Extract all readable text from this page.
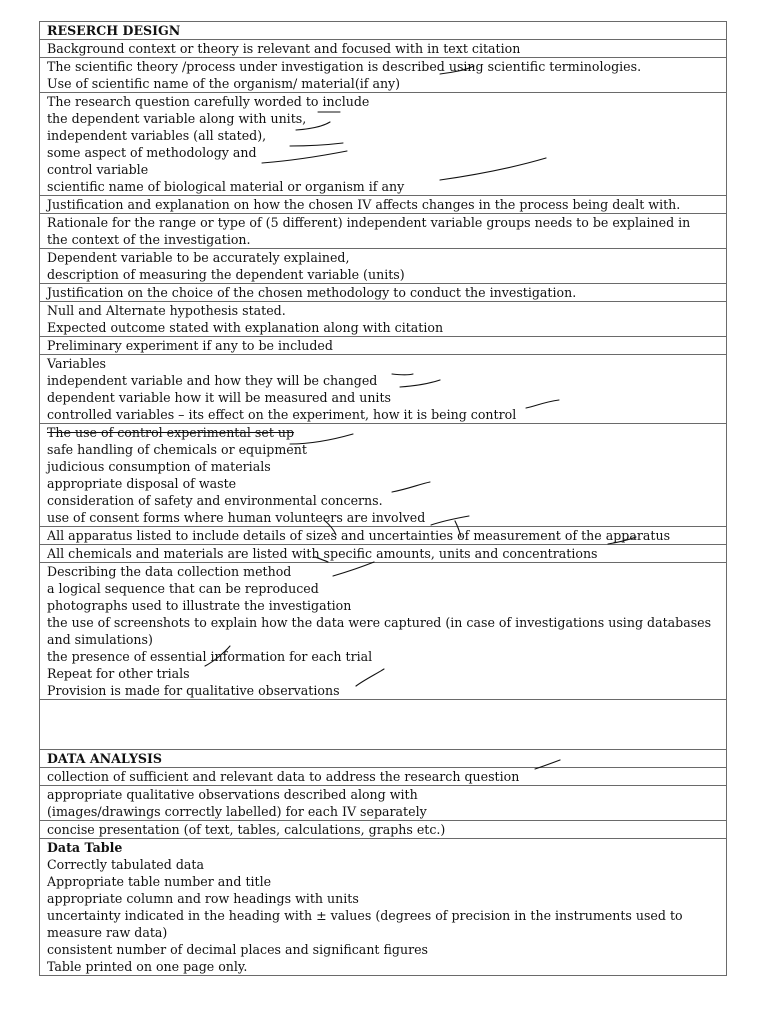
RESERCH DESIGN

Background context or theory is relevant and focused with in text citation

The scientific theory /process under investigation is described using scientific terminologies.
Use of scientific name of the organism/ material(if any)

The research question carefully worded to include
the dependent variable along with units,
independent variables (all stated),
some aspect of methodology and
control variable
scientific name of biological material or organism if any

Justification and explanation on how the chosen IV affects changes in the process being dealt with.

Rationale for the range or type of (5 different) independent variable groups needs to be explained in
the context of the investigation.

Dependent variable to be accurately explained,
description of measuring the dependent variable (units)

Justification on the choice of the chosen methodology to conduct the investigation.

Null and Alternate hypothesis stated.
Expected outcome stated with explanation along with citation

Preliminary experiment if any to be included

Variables
independent variable and how they will be changed
dependent variable how it will be measured and units
controlled variables – its effect on the experiment, how it is being control

The use of control experimental set up
safe handling of chemicals or equipment
judicious consumption of materials
appropriate disposal of waste
consideration of safety and environmental concerns.
use of consent forms where human volunteers are involved

All apparatus listed to include details of sizes and uncertainties of measurement of the apparatus

All chemicals and materials are listed with specific amounts, units and concentrations

Describing the data collection method
a logical sequence that can be reproduced
photographs used to illustrate the investigation
the use of screenshots to explain how the data were captured (in case of investigations using databases
and simulations)
the presence of essential information for each trial
Repeat for other trials
Provision is made for qualitative observations

DATA ANALYSIS

collection of sufficient and relevant data to address the research question

appropriate qualitative observations described along with
(images/drawings correctly labelled) for each IV separately

concise presentation (of text, tables, calculations, graphs etc.)

Data Table
Correctly tabulated data
Appropriate table number and title
appropriate column and row headings with units
uncertainty indicated in the heading with ± values (degrees of precision in the instruments used to
measure raw data)
consistent number of decimal places and significant figures
Table printed on one page only.
